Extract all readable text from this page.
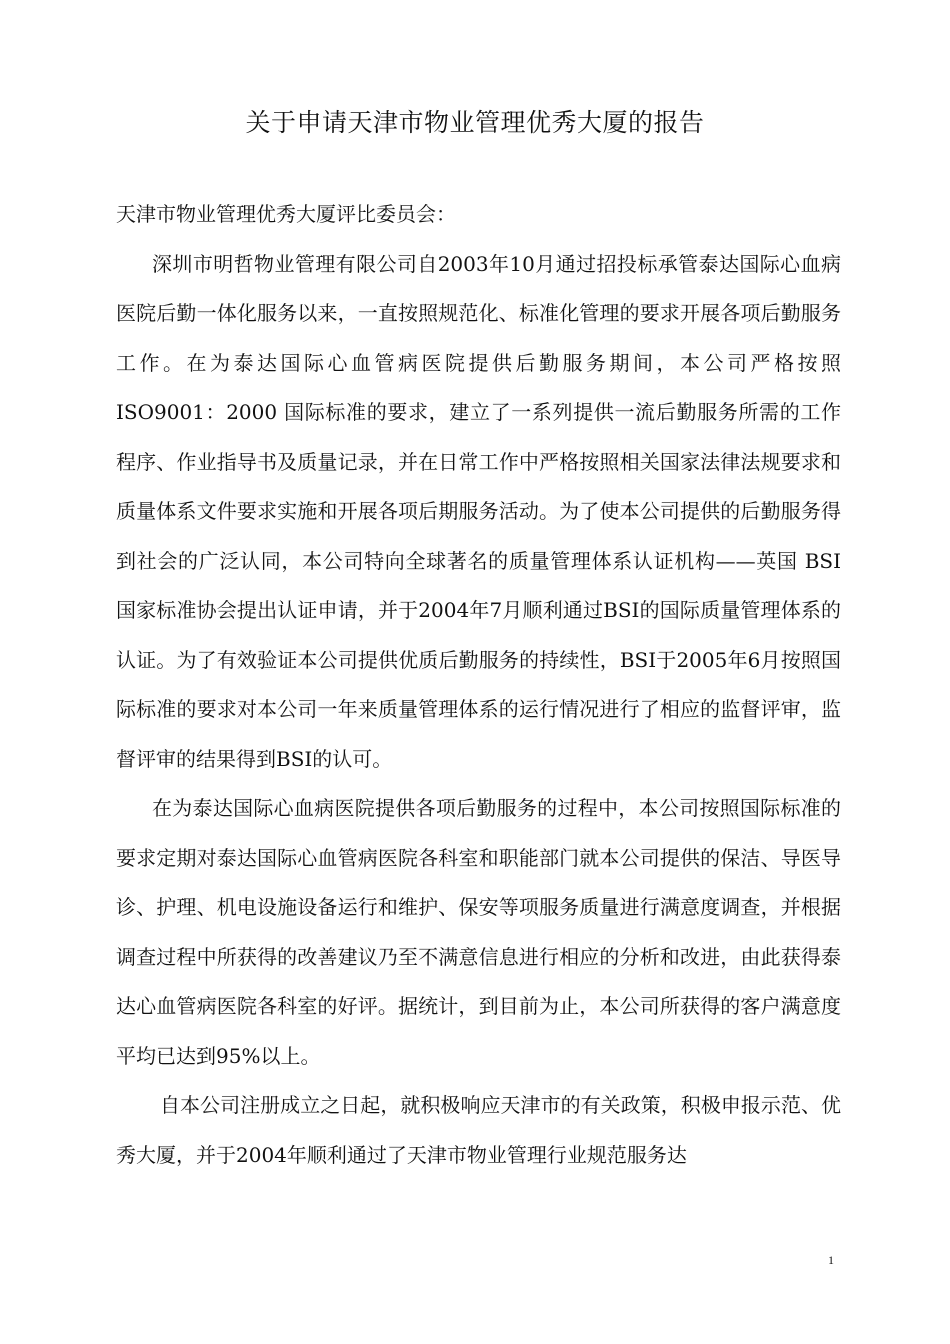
关于申请天津市物业管理优秀大厦的报告

天津市物业管理优秀大厦评比委员会：

深圳市明哲物业管理有限公司自2003年10月通过招投标承管泰达国际心血病医院后勤一体化服务以来，一直按照规范化、标准化管理的要求开展各项后勤服务工作。在为泰达国际心血管病医院提供后勤服务期间，本公司严格按照 ISO9001：2000 国际标准的要求，建立了一系列提供一流后勤服务所需的工作程序、作业指导书及质量记录，并在日常工作中严格按照相关国家法律法规要求和质量体系文件要求实施和开展各项后期服务活动。为了使本公司提供的后勤服务得到社会的广泛认同，本公司特向全球著名的质量管理体系认证机构——英国 BSI 国家标准协会提出认证申请，并于2004年7月顺利通过BSI的国际质量管理体系的认证。为了有效验证本公司提供优质后勤服务的持续性，BSI于2005年6月按照国际标准的要求对本公司一年来质量管理体系的运行情况进行了相应的监督评审，监督评审的结果得到BSI的认可。

在为泰达国际心血病医院提供各项后勤服务的过程中，本公司按照国际标准的要求定期对泰达国际心血管病医院各科室和职能部门就本公司提供的保洁、导医导诊、护理、机电设施设备运行和维护、保安等项服务质量进行满意度调查，并根据调查过程中所获得的改善建议乃至不满意信息进行相应的分析和改进，由此获得泰达心血管病医院各科室的好评。据统计，到目前为止，本公司所获得的客户满意度平均已达到95%以上。

自本公司注册成立之日起，就积极响应天津市的有关政策，积极申报示范、优秀大厦，并于2004年顺利通过了天津市物业管理行业规范服务达

1
